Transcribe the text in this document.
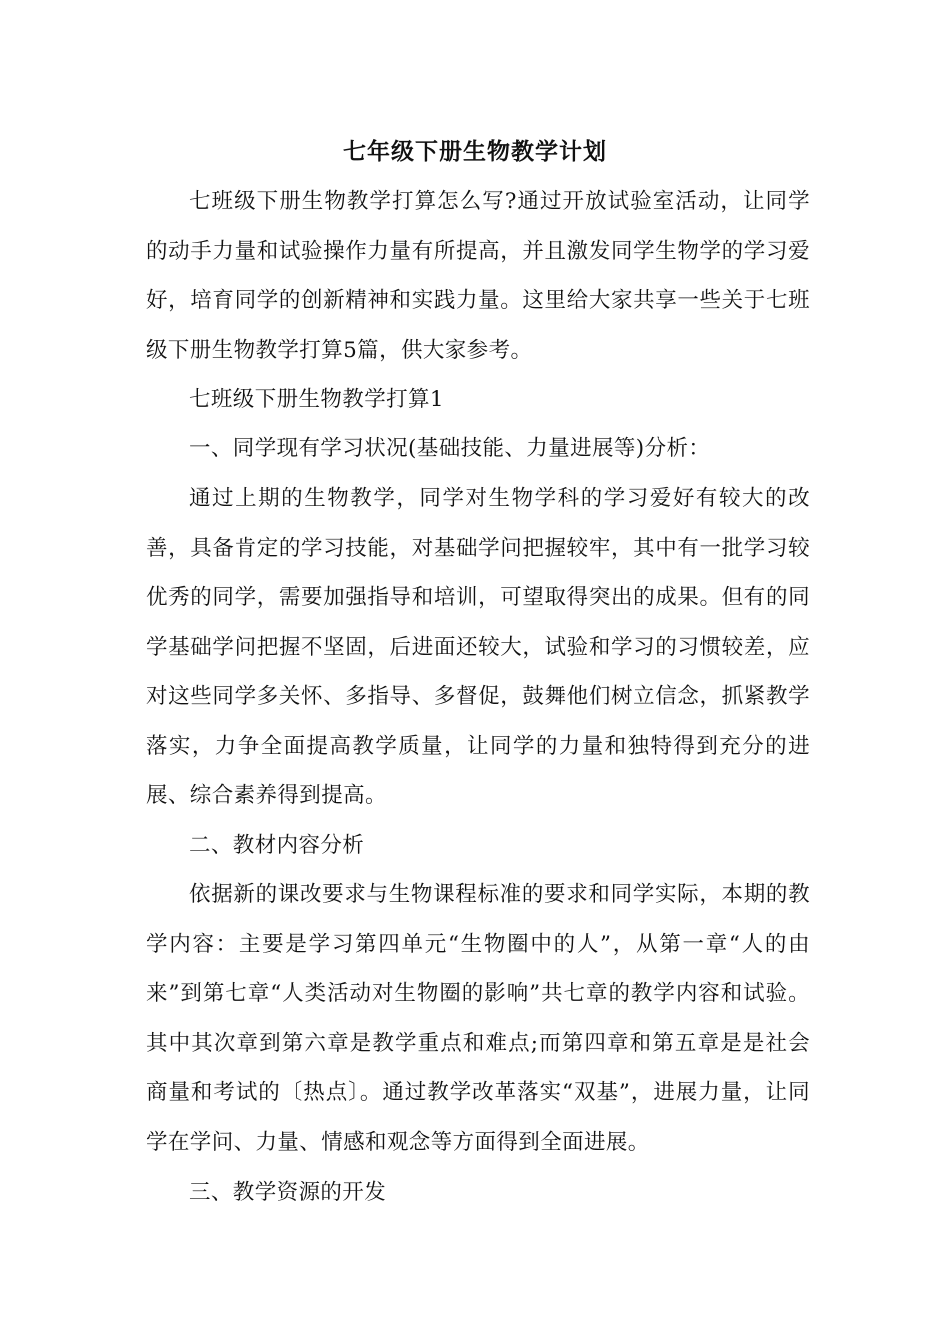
七年级下册生物教学计划

七班级下册生物教学打算怎么写?通过开放试验室活动，让同学的动手力量和试验操作力量有所提高，并且激发同学生物学的学习爱好，培育同学的创新精神和实践力量。这里给大家共享一些关于七班级下册生物教学打算5篇，供大家参考。

七班级下册生物教学打算1

一、同学现有学习状况(基础技能、力量进展等)分析：

通过上期的生物教学，同学对生物学科的学习爱好有较大的改善，具备肯定的学习技能，对基础学问把握较牢，其中有一批学习较优秀的同学，需要加强指导和培训，可望取得突出的成果。但有的同学基础学问把握不坚固，后进面还较大，试验和学习的习惯较差，应对这些同学多关怀、多指导、多督促，鼓舞他们树立信念，抓紧教学落实，力争全面提高教学质量，让同学的力量和独特得到充分的进展、综合素养得到提高。

二、教材内容分析

依据新的课改要求与生物课程标准的要求和同学实际，本期的教学内容：主要是学习第四单元“生物圈中的人”，从第一章“人的由来”到第七章“人类活动对生物圈的影响”共七章的教学内容和试验。其中其次章到第六章是教学重点和难点;而第四章和第五章是是社会商量和考试的〔热点〕。通过教学改革落实“双基”，进展力量，让同学在学问、力量、情感和观念等方面得到全面进展。

三、教学资源的开发
